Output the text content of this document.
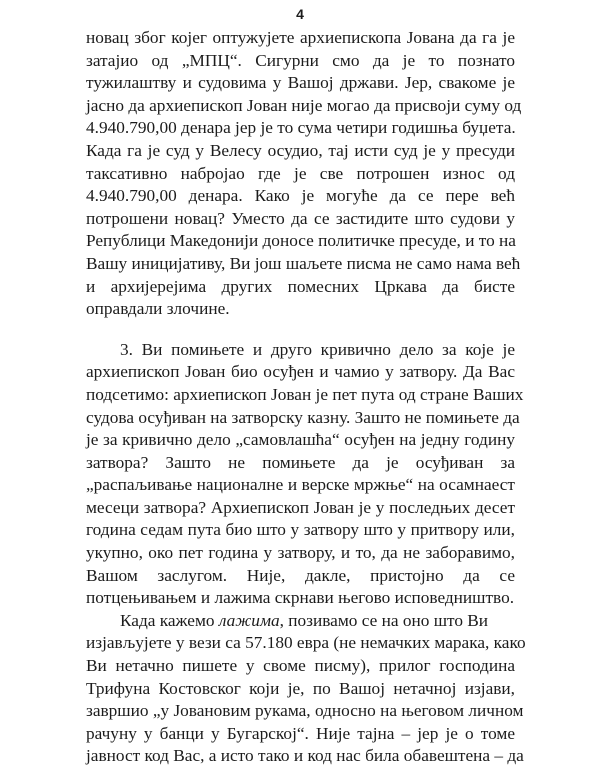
4
новац због којег оптужујете архиепископа Јована да га је
затајио од „МПЦ“. Сигурни смо да је то познато
тужилаштву и судовима у Вашој држави. Јер, свакоме је
јасно да архиепископ Јован није могао да присвоји суму од
4.940.790,00 денара јер је то сума четири годишња буџета.
Када га је суд у Велесу осудио, тај исти суд је у пресуди
таксативно набројао где је све потрошен износ од
4.940.790,00 денара. Како је могуће да се пере већ
потрошени новац? Уместо да се застидите што судови у
Републици Македонији доносе политичке пресуде, и то на
Вашу иницијативу, Ви још шаљете писма не само нама већ
и архијерејима других помесних Цркава да бисте
оправдали злочине.
3. Ви помињете и друго кривично дело за које је
архиепископ Јован био осуђен и чамио у затвору. Да Вас
подсетимо: архиепископ Јован је пет пута од стране Ваших
судова осуђиван на затворску казну. Зашто не помињете да
је за кривично дело „самовлашћа“ осуђен на једну годину
затвора? Зашто не помињете да је осуђиван за
„распаљивање националне и верске мржње“ на осамнаест
месеци затвора? Архиепископ Јован је у последњих десет
година седам пута био што у затвору што у притвору или,
укупно, око пет година у затвору, и то, да не заборавимо,
Вашом заслугом. Није, дакле, пристојно да се
потцењивањем и лажима скрнави његово исповедништво.
Када кажемо лажима, позивамо се на оно што Ви
изјављујете у вези са 57.180 евра (не немачких марака, како
Ви нетачно пишете у своме писму), прилог господина
Трифуна Костовског који је, по Вашој нетачној изјави,
завршио „у Јовановим рукама, односно на његовом личном
рачуну у банци у Бугарској“. Није тајна – јер је о томе
јавност код Вас, а исто тако и код нас била обавештена – да
